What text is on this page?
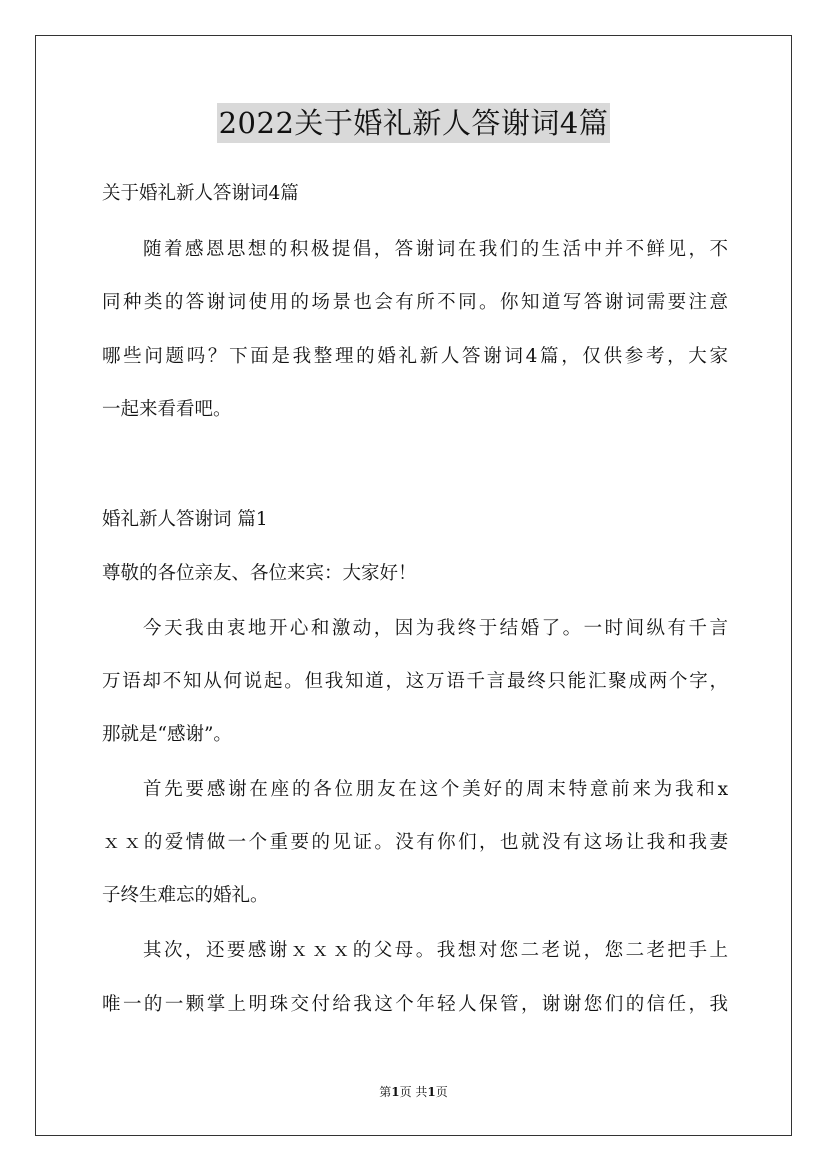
2022关于婚礼新人答谢词4篇
关于婚礼新人答谢词4篇
随着感恩思想的积极提倡，答谢词在我们的生活中并不鲜见，不
同种类的答谢词使用的场景也会有所不同。你知道写答谢词需要注意
哪些问题吗？下面是我整理的婚礼新人答谢词4篇，仅供参考，大家
一起来看看吧。
婚礼新人答谢词 篇1
尊敬的各位亲友、各位来宾：大家好！
今天我由衷地开心和激动，因为我终于结婚了。一时间纵有千言
万语却不知从何说起。但我知道，这万语千言最终只能汇聚成两个字，
那就是“感谢”。
首先要感谢在座的各位朋友在这个美好的周末特意前来为我和x
ｘｘ的爱情做一个重要的见证。没有你们，也就没有这场让我和我妻
子终生难忘的婚礼。
其次，还要感谢ｘｘｘ的父母。我想对您二老说，您二老把手上
唯一的一颗掌上明珠交付给我这个年轻人保管，谢谢您们的信任，我
第1页 共1页
